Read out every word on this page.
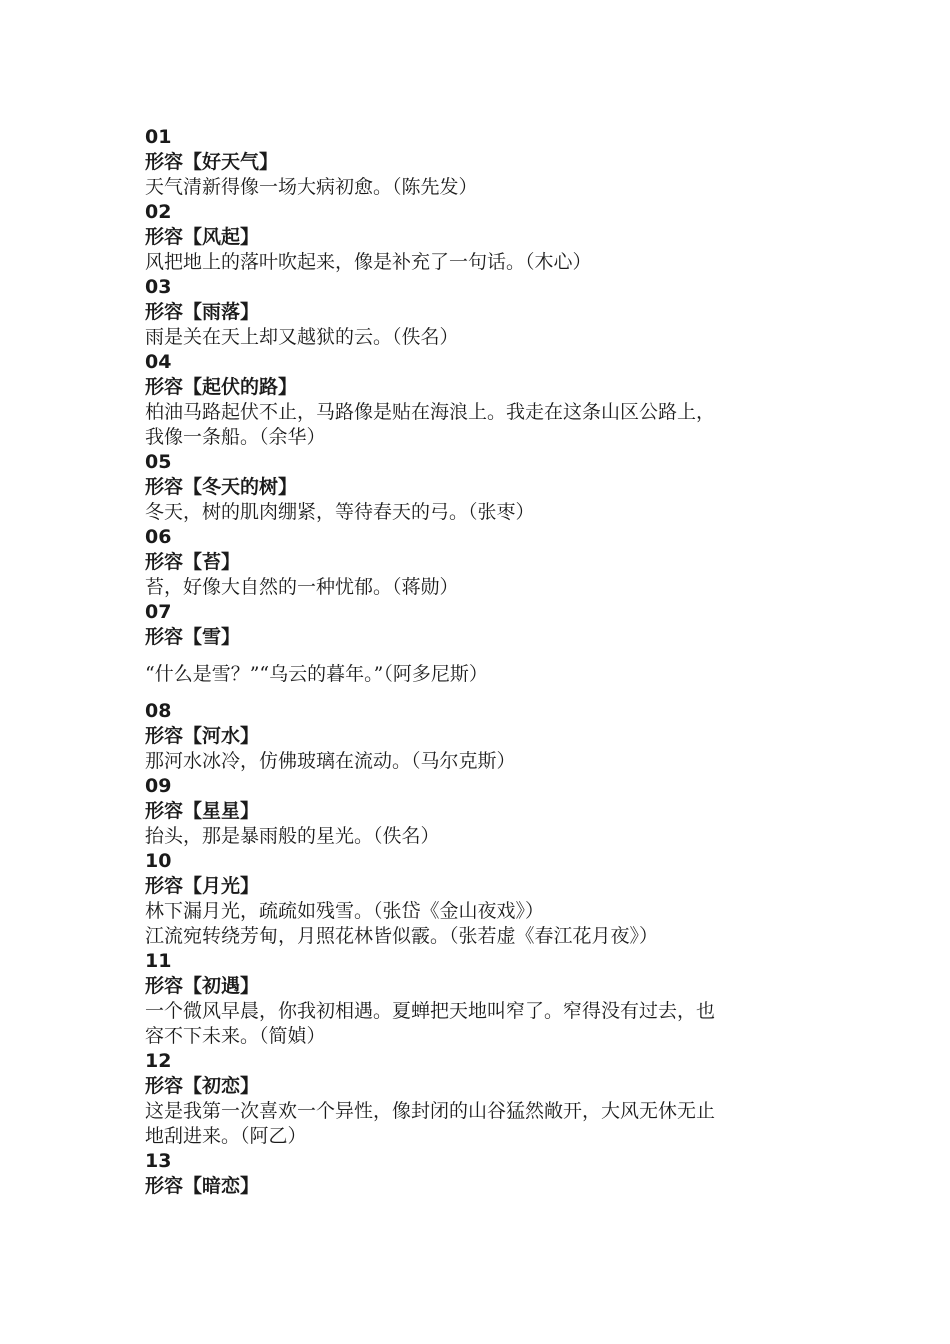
01
形容【好天气】
天气清新得像一场大病初愈。（陈先发）
02
形容【风起】
风把地上的落叶吹起来，像是补充了一句话。（木心）
03
形容【雨落】
雨是关在天上却又越狱的云。（佚名）
04
形容【起伏的路】
柏油马路起伏不止，马路像是贴在海浪上。我走在这条山区公路上，
我像一条船。（余华）
05
形容【冬天的树】
冬天，树的肌肉绷紧，等待春天的弓。（张枣）
06
形容【苔】
苔，好像大自然的一种忧郁。（蒋勋）
07
形容【雪】
“什么是雪？”“乌云的暮年。”（阿多尼斯）
08
形容【河水】
那河水冰冷，仿佛玻璃在流动。（马尔克斯）
09
形容【星星】
抬头，那是暴雨般的星光。（佚名）
10
形容【月光】
林下漏月光，疏疏如残雪。（张岱《金山夜戏》）
江流宛转绕芳甸，月照花林皆似霰。（张若虚《春江花月夜》）
11
形容【初遇】
一个微风早晨，你我初相遇。夏蝉把天地叫窄了。窄得没有过去，也
容不下未来。（简媜）
12
形容【初恋】
这是我第一次喜欢一个异性，像封闭的山谷猛然敞开，大风无休无止
地刮进来。（阿乙）
13
形容【暗恋】
